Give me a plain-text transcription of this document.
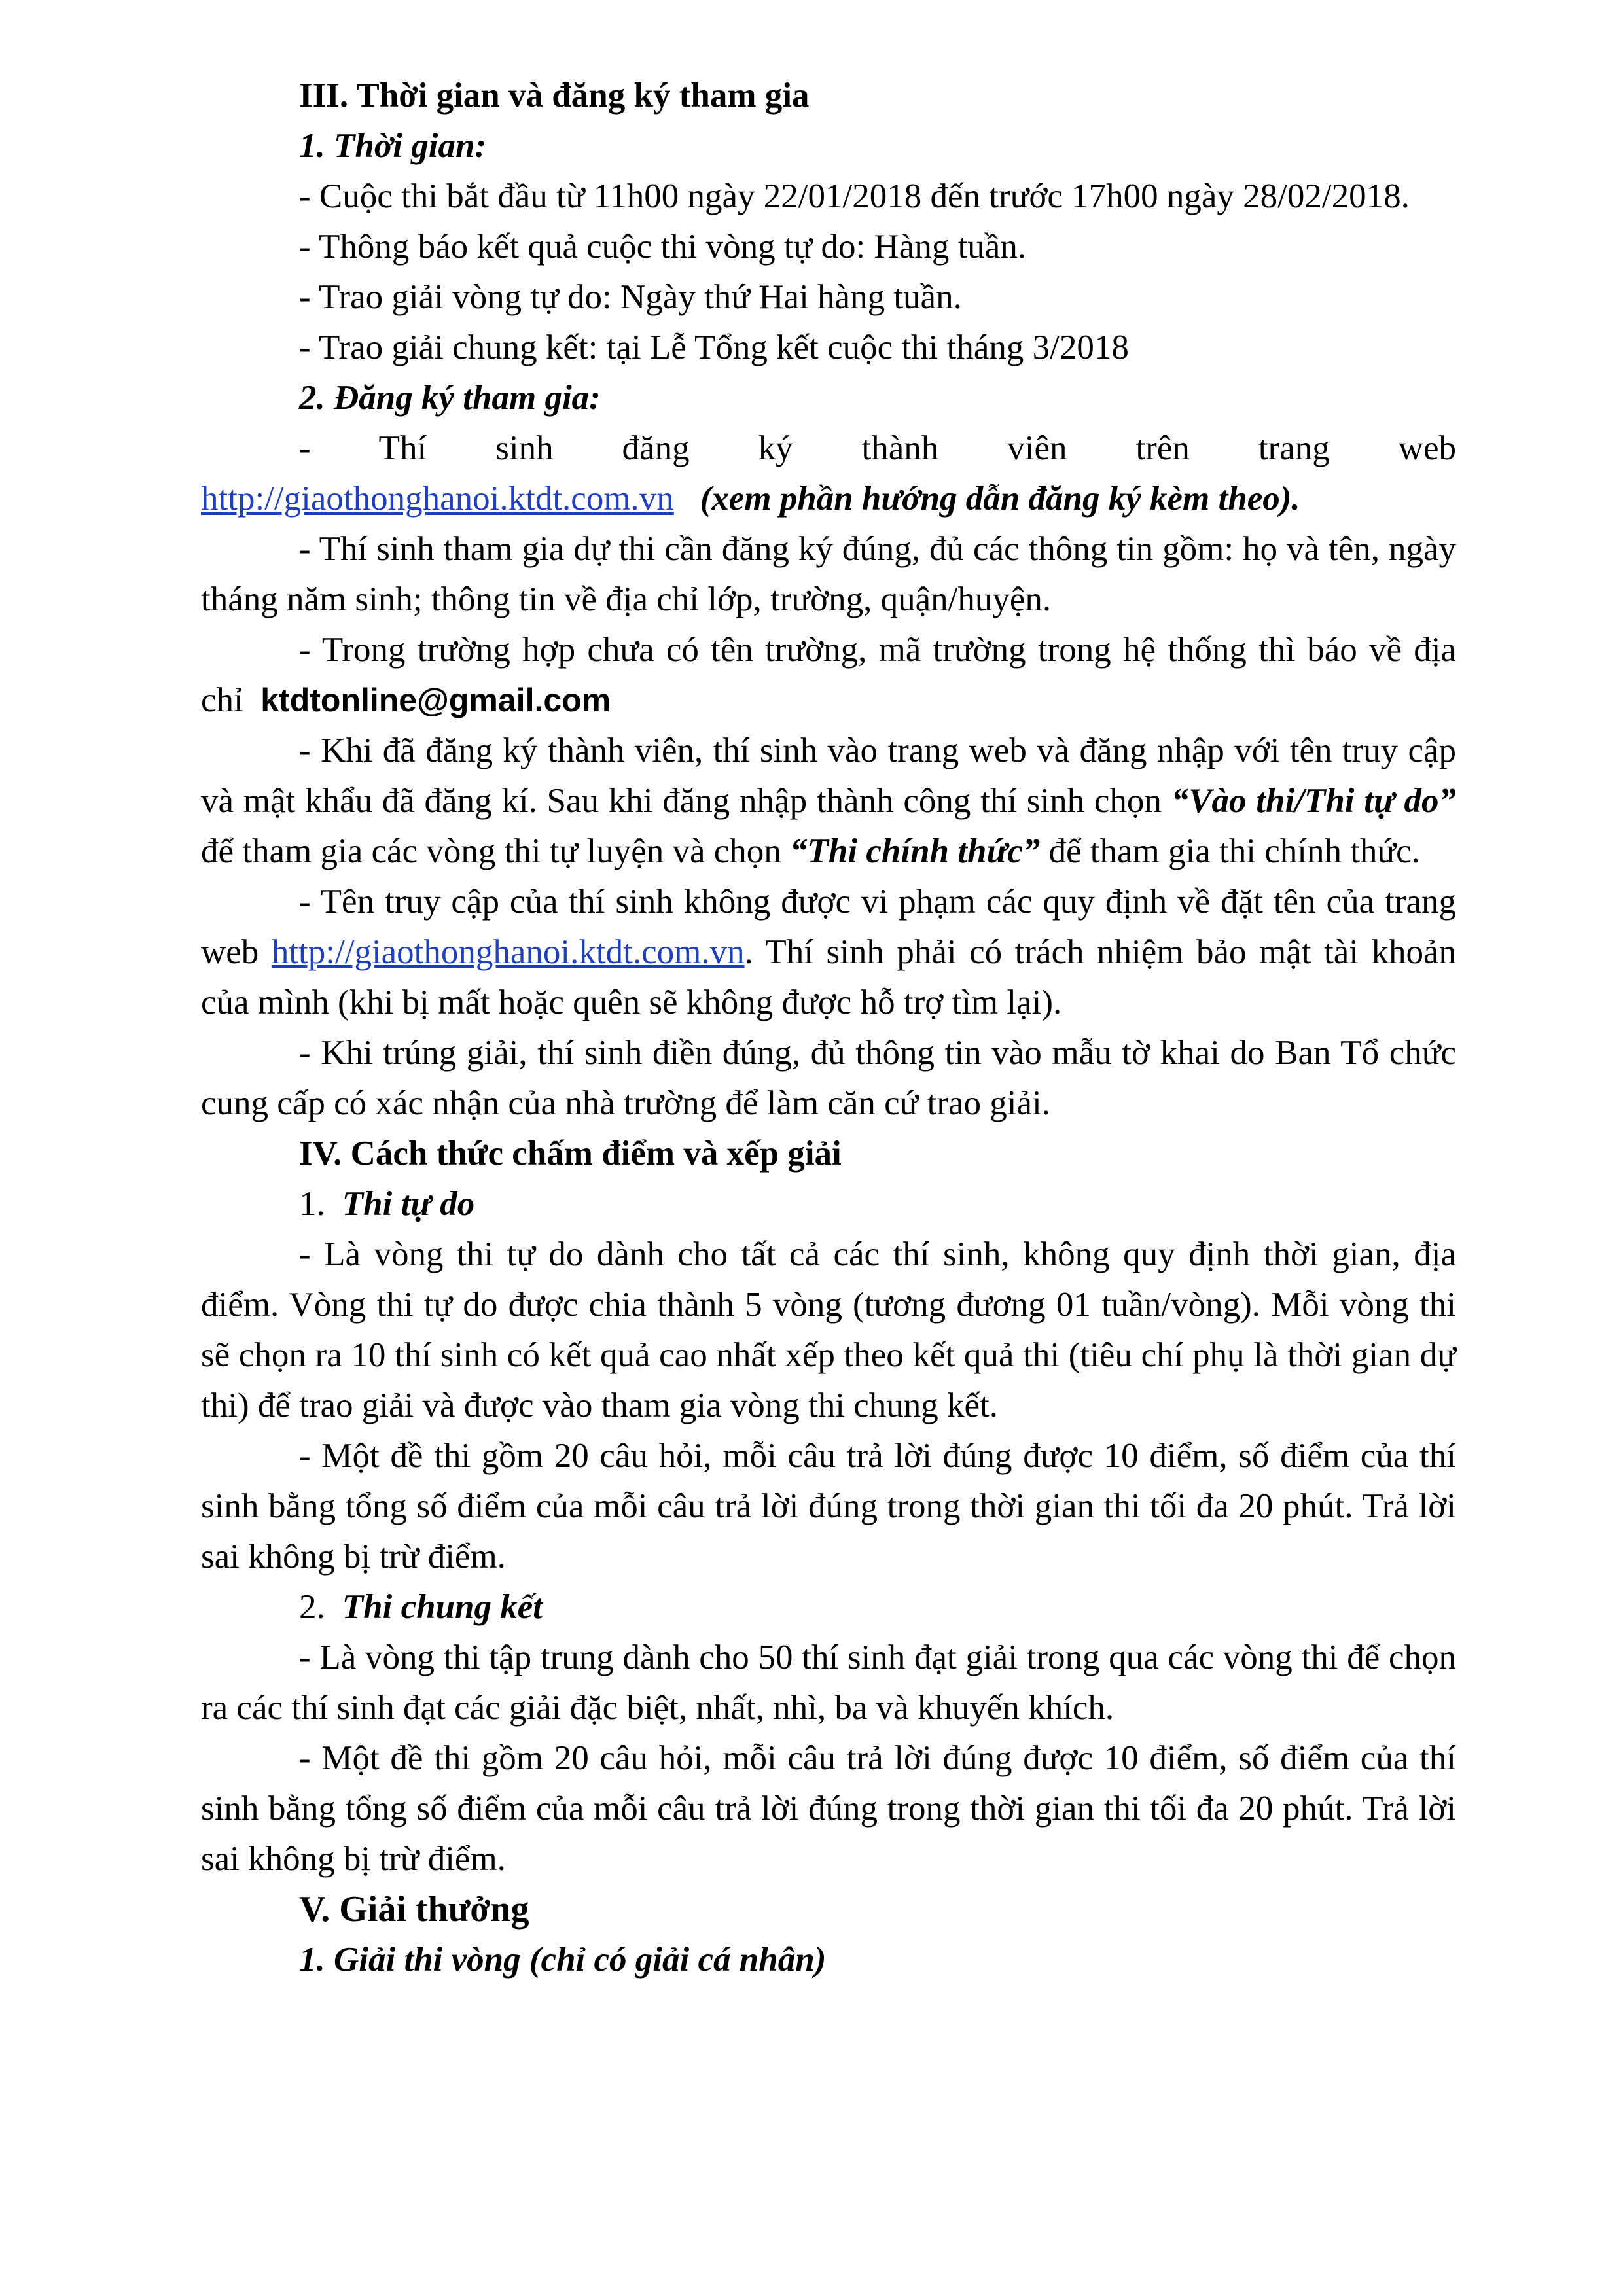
III. Thời gian và đăng ký tham gia

1. Thời gian:

- Cuộc thi bắt đầu từ 11h00 ngày 22/01/2018 đến trước 17h00 ngày 28/02/2018.

- Thông báo kết quả cuộc thi vòng tự do: Hàng tuần.

- Trao giải vòng tự do: Ngày thứ Hai hàng tuần.

- Trao giải chung kết: tại Lễ Tổng kết cuộc thi tháng 3/2018

2. Đăng ký tham gia:

- Thí sinh đăng ký thành viên trên trang web

http://giaothonghanoi.ktdt.com.vn (xem phần hướng dẫn đăng ký kèm theo).

- Thí sinh tham gia dự thi cần đăng ký đúng, đủ các thông tin gồm: họ và tên, ngày tháng năm sinh; thông tin về địa chỉ lớp, trường, quận/huyện.

- Trong trường hợp chưa có tên trường, mã trường trong hệ thống thì báo về địa chỉ ktdtonline@gmail.com

- Khi đã đăng ký thành viên, thí sinh vào trang web và đăng nhập với tên truy cập và mật khẩu đã đăng kí. Sau khi đăng nhập thành công thí sinh chọn “Vào thi/Thi tự do” để tham gia các vòng thi tự luyện và chọn “Thi chính thức” để tham gia thi chính thức.

- Tên truy cập của thí sinh không được vi phạm các quy định về đặt tên của trang web http://giaothonghanoi.ktdt.com.vn. Thí sinh phải có trách nhiệm bảo mật tài khoản của mình (khi bị mất hoặc quên sẽ không được hỗ trợ tìm lại).

- Khi trúng giải, thí sinh điền đúng, đủ thông tin vào mẫu tờ khai do Ban Tổ chức cung cấp có xác nhận của nhà trường để làm căn cứ trao giải.

IV. Cách thức chấm điểm và xếp giải

1. Thi tự do

- Là vòng thi tự do dành cho tất cả các thí sinh, không quy định thời gian, địa điểm. Vòng thi tự do được chia thành 5 vòng (tương đương 01 tuần/vòng). Mỗi vòng thi sẽ chọn ra 10 thí sinh có kết quả cao nhất xếp theo kết quả thi (tiêu chí phụ là thời gian dự thi) để trao giải và được vào tham gia vòng thi chung kết.

- Một đề thi gồm 20 câu hỏi, mỗi câu trả lời đúng được 10 điểm, số điểm của thí sinh bằng tổng số điểm của mỗi câu trả lời đúng trong thời gian thi tối đa 20 phút. Trả lời sai không bị trừ điểm.

2. Thi chung kết

- Là vòng thi tập trung dành cho 50 thí sinh đạt giải trong qua các vòng thi để chọn ra các thí sinh đạt các giải đặc biệt, nhất, nhì, ba và khuyến khích.

- Một đề thi gồm 20 câu hỏi, mỗi câu trả lời đúng được 10 điểm, số điểm của thí sinh bằng tổng số điểm của mỗi câu trả lời đúng trong thời gian thi tối đa 20 phút. Trả lời sai không bị trừ điểm.

V. Giải thưởng

1. Giải thi vòng (chỉ có giải cá nhân)
